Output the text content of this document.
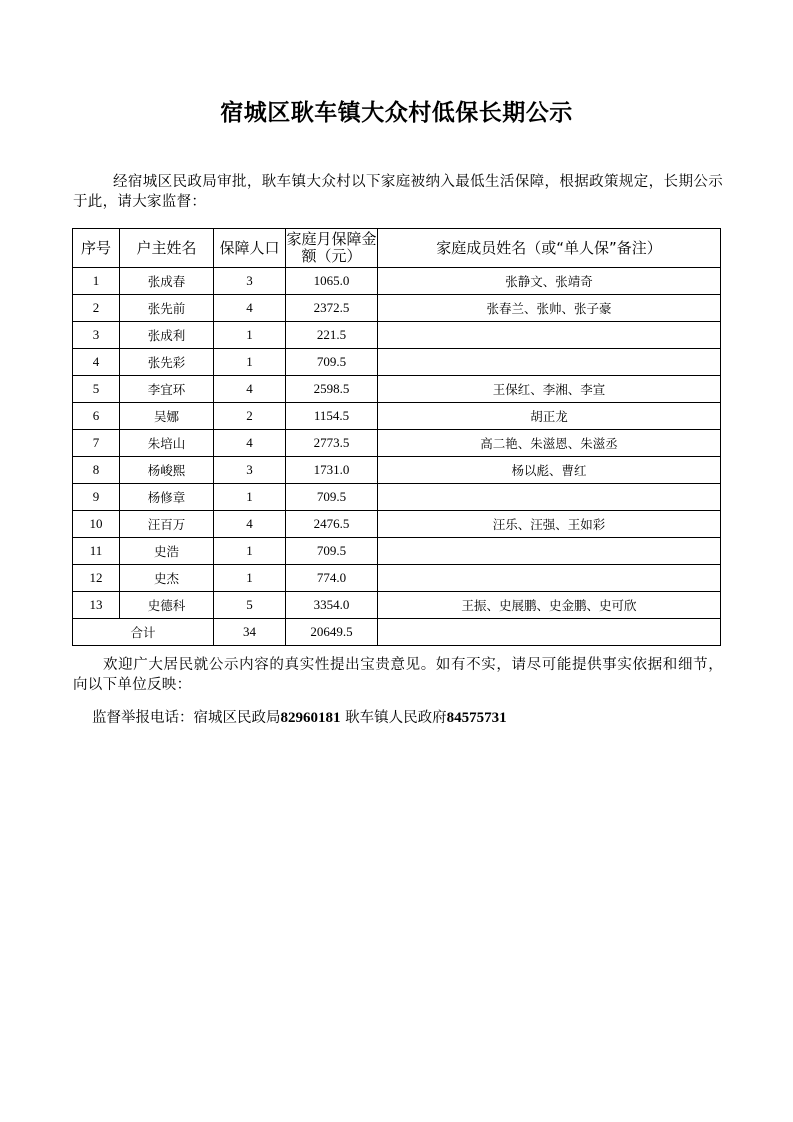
宿城区耿车镇大众村低保长期公示

经宿城区民政局审批，耿车镇大众村以下家庭被纳入最低生活保障，根据政策规定，长期公示于此，请大家监督：

序号	户主姓名	保障人口	家庭月保障金额（元）	家庭成员姓名（或“单人保”备注）
1	张成春	3	1065.0	张静文、张靖奇
2	张先前	4	2372.5	张春兰、张帅、张子豪
3	张成利	1	221.5	
4	张先彩	1	709.5	
5	李宜环	4	2598.5	王保红、李湘、李宣
6	吴娜	2	1154.5	胡正龙
7	朱培山	4	2773.5	高二艳、朱滋恩、朱滋丞
8	杨峻熙	3	1731.0	杨以彪、曹红
9	杨修章	1	709.5	
10	汪百万	4	2476.5	汪乐、汪强、王如彩
11	史浩	1	709.5	
12	史杰	1	774.0	
13	史德科	5	3354.0	王振、史展鹏、史金鹏、史可欣
合计		34	20649.5	

欢迎广大居民就公示内容的真实性提出宝贵意见。如有不实，请尽可能提供事实依据和细节，向以下单位反映：

监督举报电话：宿城区民政局82960181 耿车镇人民政府84575731
